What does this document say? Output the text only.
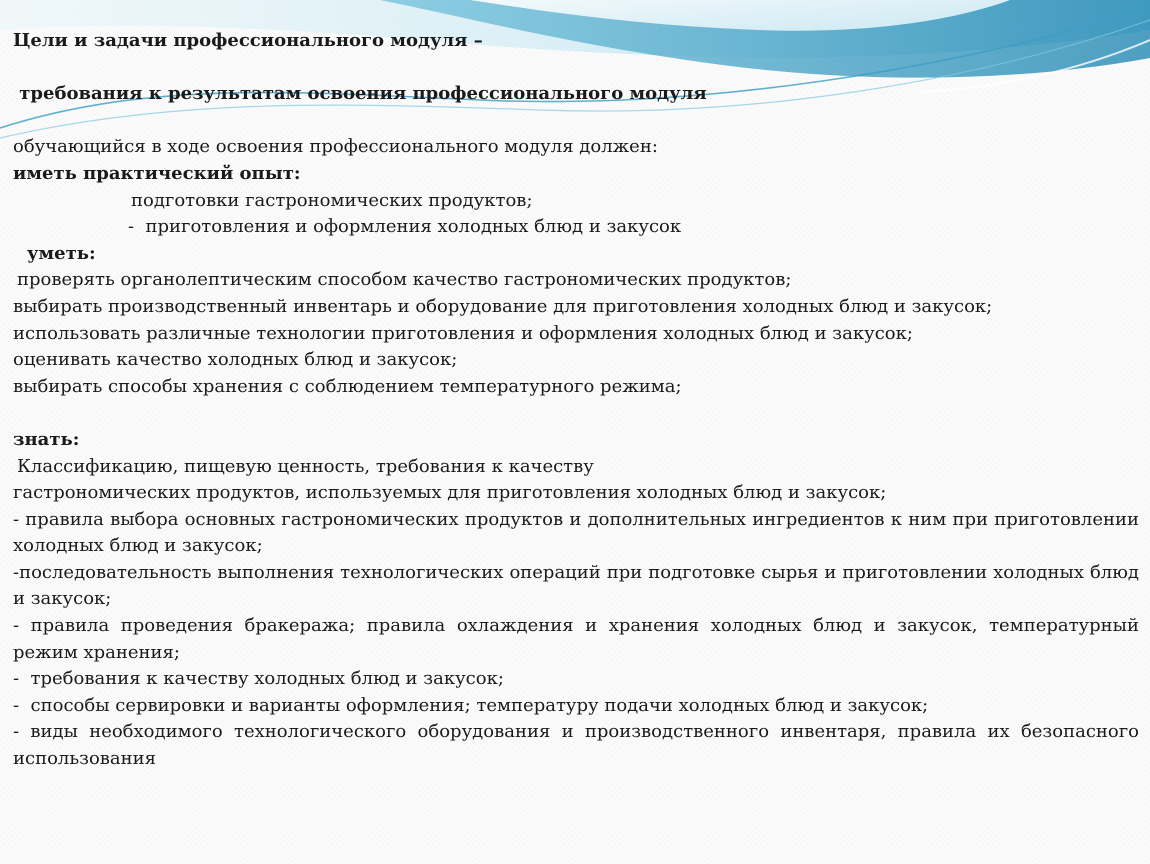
Цели и задачи профессионального модуля –
требования к результатам освоения профессионального модуля
обучающийся в ходе освоения профессионального модуля должен:
иметь практический опыт:
подготовки гастрономических продуктов;
-  приготовления и оформления холодных блюд и закусок
уметь:
проверять органолептическим способом качество гастрономических продуктов;
выбирать производственный инвентарь и оборудование для приготовления холодных блюд и закусок;
использовать различные технологии приготовления и оформления холодных блюд и закусок;
оценивать качество холодных блюд и закусок;
выбирать способы хранения с соблюдением температурного режима;
знать:
Классификацию, пищевую ценность, требования к качеству
гастрономических продуктов, используемых для приготовления холодных блюд и закусок;
- правила выбора основных гастрономических продуктов и дополнительных ингредиентов к ним при приготовлении холодных блюд и закусок;
-последовательность выполнения технологических операций при подготовке сырья и приготовлении холодных блюд и закусок;
- правила проведения бракеража; правила охлаждения и хранения холодных блюд и закусок, температурный режим хранения;
-  требования к качеству холодных блюд и закусок;
-  способы сервировки и варианты оформления; температуру подачи холодных блюд и закусок;
- виды необходимого технологического оборудования и производственного инвентаря, правила их безопасного использования
